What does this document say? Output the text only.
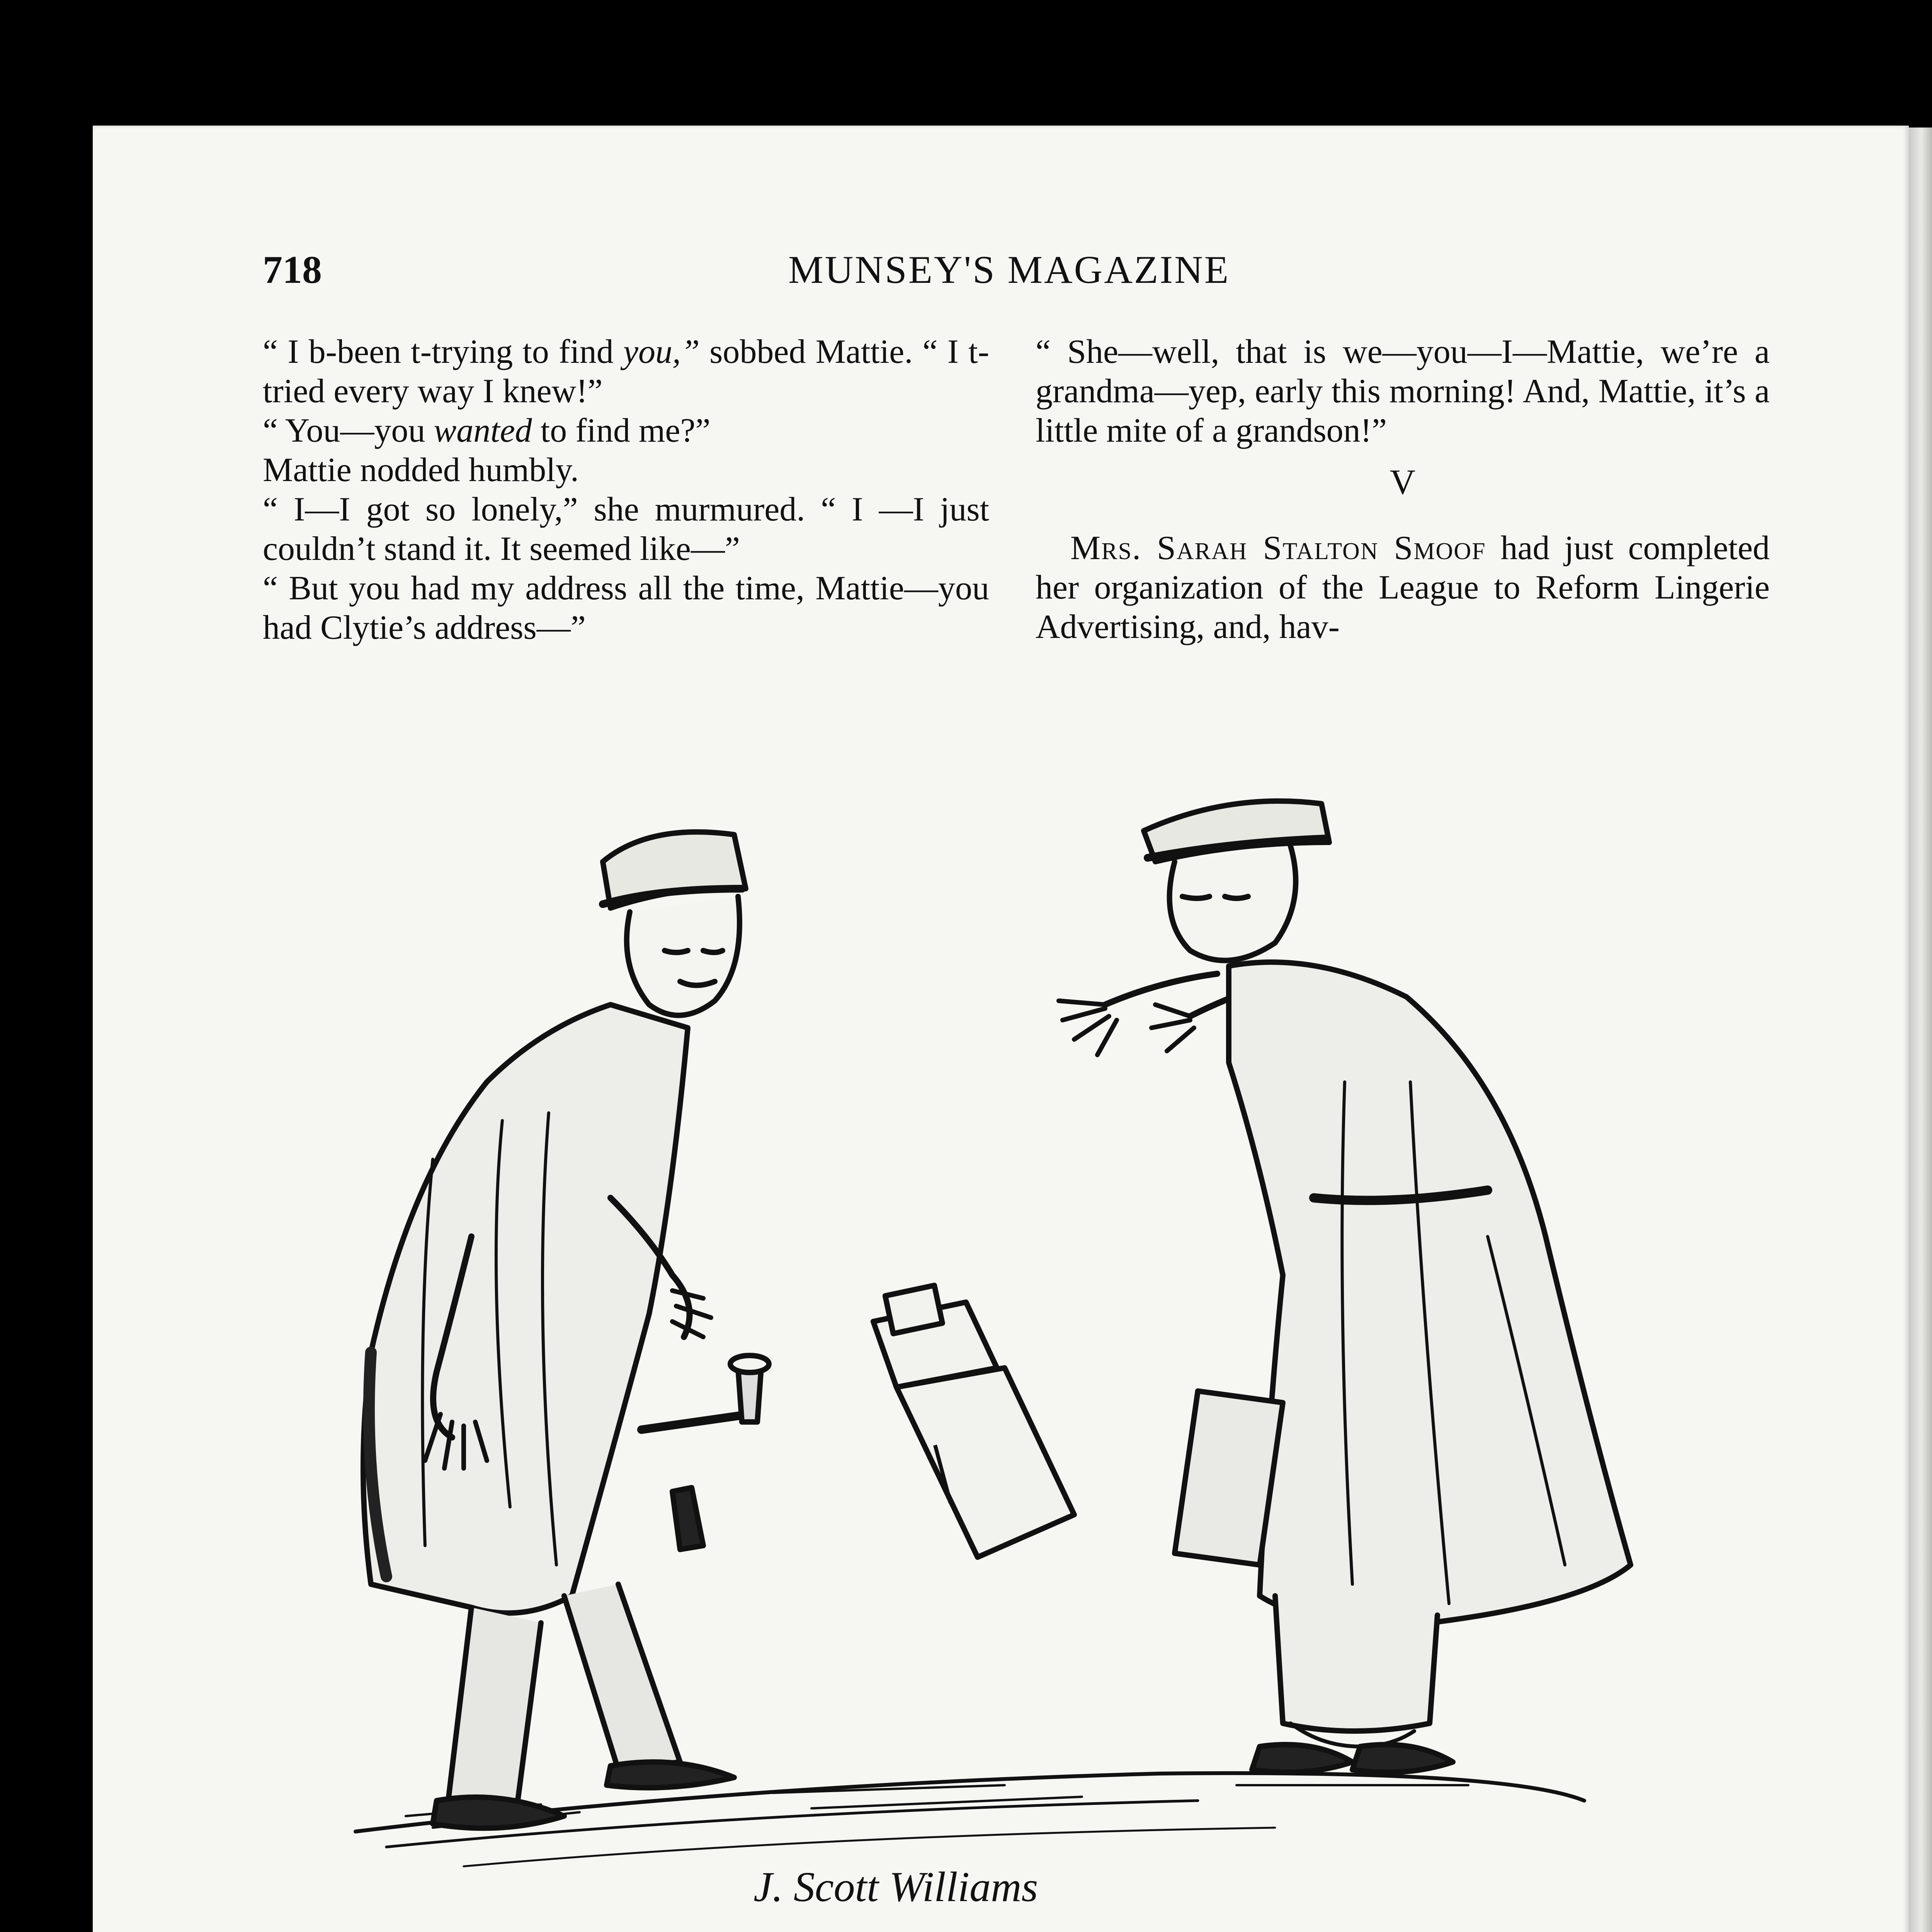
718	MUNSEY'S MAGAZINE

“ I b-been t-trying to find you,” sobbed Mattie. “ I t-tried every way I knew!”

“ You—you wanted to find me?”

Mattie nodded humbly.

“ I—I got so lonely,” she murmured. “ I —I just couldn’t stand it. It seemed like—”

“ But you had my address all the time, Mattie—you had Clytie’s address—”

“ She—well, that is we—you—I—Mattie, we’re a grandma—yep, early this morning! And, Mattie, it’s a little mite of a grandson!”

V

Mrs. Sarah Stalton Smoof had just completed her organization of the League to Reform Lingerie Advertising, and, hav-

J. Scott Williams
